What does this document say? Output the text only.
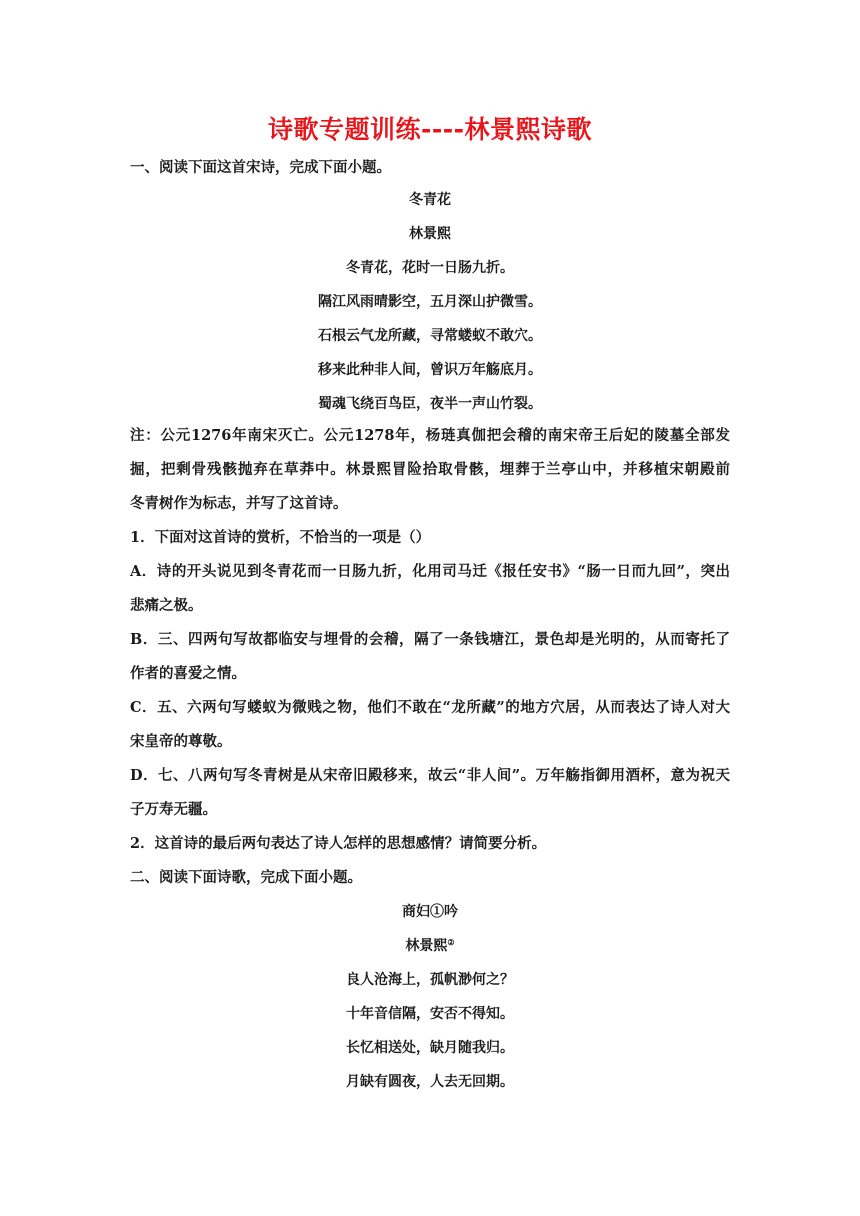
诗歌专题训练----林景熙诗歌
一、阅读下面这首宋诗，完成下面小题。
冬青花
林景熙
冬青花，花时一日肠九折。
隔江风雨晴影空，五月深山护微雪。
石根云气龙所藏，寻常蝼蚁不敢穴。
移来此种非人间，曾识万年觞底月。
蜀魂飞绕百鸟臣，夜半一声山竹裂。
注：公元1276年南宋灭亡。公元1278年，杨琏真伽把会稽的南宋帝王后妃的陵墓全部发
掘，把剩骨残骸抛弃在草莽中。林景熙冒险拾取骨骸，埋葬于兰亭山中，并移植宋朝殿前
冬青树作为标志，并写了这首诗。
1．下面对这首诗的赏析，不恰当的一项是（）
A．诗的开头说见到冬青花而一日肠九折，化用司马迁《报任安书》“肠一日而九回”，突出
悲痛之极。
B．三、四两句写故都临安与埋骨的会稽，隔了一条钱塘江，景色却是光明的，从而寄托了
作者的喜爱之情。
C．五、六两句写蝼蚁为微贱之物，他们不敢在“龙所藏”的地方穴居，从而表达了诗人对大
宋皇帝的尊敬。
D．七、八两句写冬青树是从宋帝旧殿移来，故云“非人间”。万年觞指御用酒杯，意为祝天
子万寿无疆。
2．这首诗的最后两句表达了诗人怎样的思想感情？请简要分析。
二、阅读下面诗歌，完成下面小题。
商妇①吟
林景熙②
良人沧海上，孤帆渺何之？
十年音信隔，安否不得知。
长忆相送处，缺月随我归。
月缺有圆夜，人去无回期。
